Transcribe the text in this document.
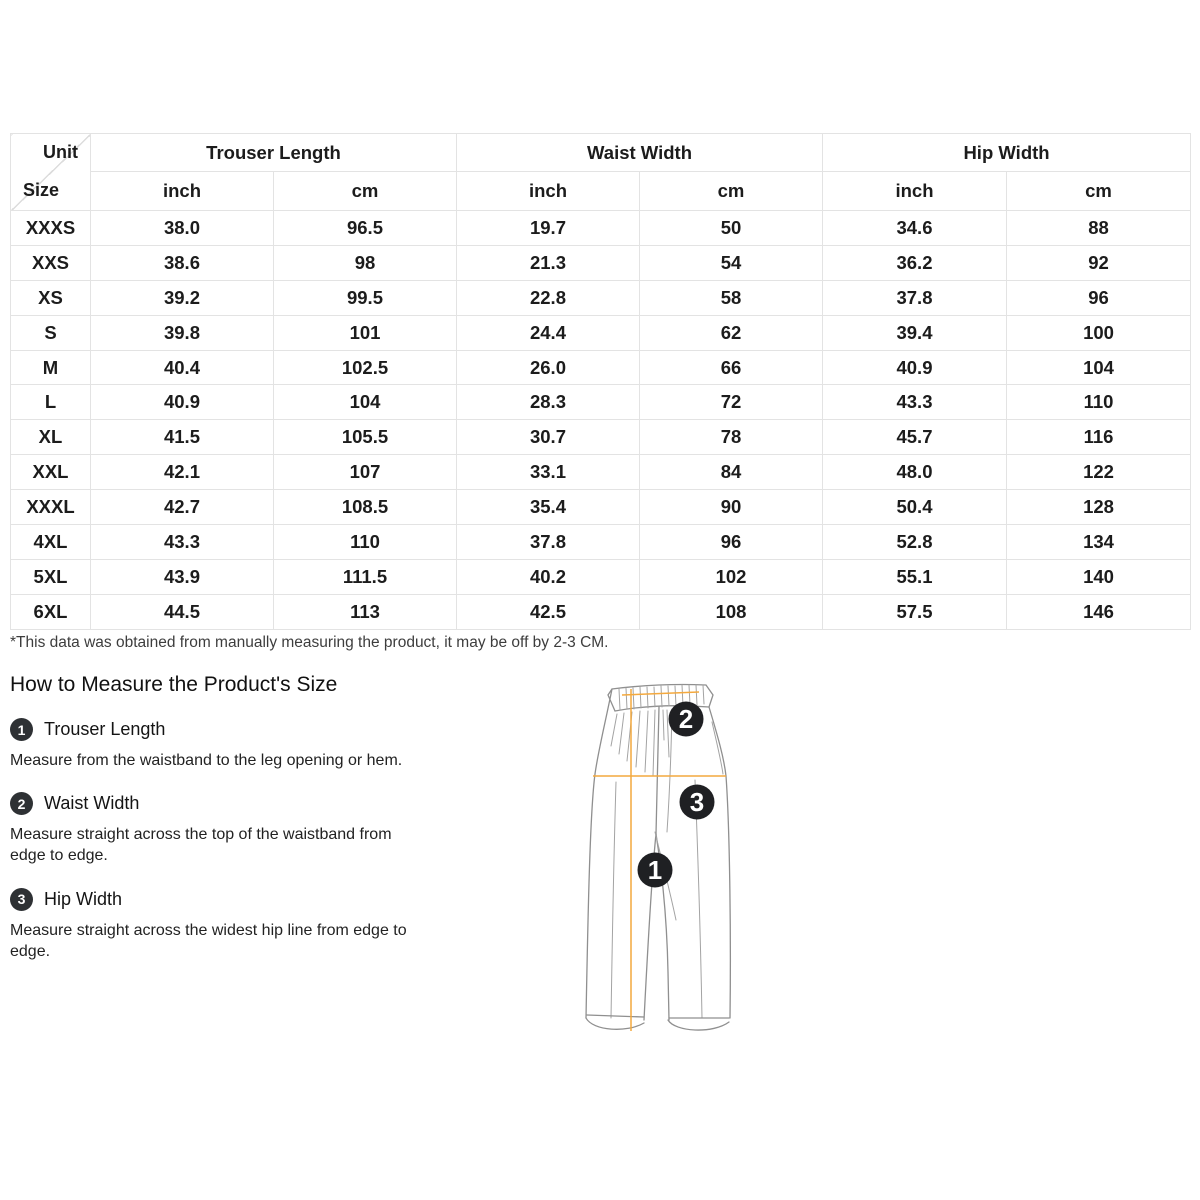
Unit
Size	Trouser Length		Waist Width		Hip Width	
	inch	cm	inch	cm	inch	cm
XXXS	38.0	96.5	19.7	50	34.6	88
XXS	38.6	98	21.3	54	36.2	92
XS	39.2	99.5	22.8	58	37.8	96
S	39.8	101	24.4	62	39.4	100
M	40.4	102.5	26.0	66	40.9	104
L	40.9	104	28.3	72	43.3	110
XL	41.5	105.5	30.7	78	45.7	116
XXL	42.1	107	33.1	84	48.0	122
XXXL	42.7	108.5	35.4	90	50.4	128
4XL	43.3	110	37.8	96	52.8	134
5XL	43.9	111.5	40.2	102	55.1	140
6XL	44.5	113	42.5	108	57.5	146
*This data was obtained from manually measuring the product, it may be off by 2-3 CM.
How to Measure the Product's Size
1	Trouser Length
Measure from the waistband to the leg opening or hem.
2	Waist Width
Measure straight across the top of the waistband from edge to edge.
3	Hip Width
Measure straight across the widest hip line from edge to edge.
2
3
1
